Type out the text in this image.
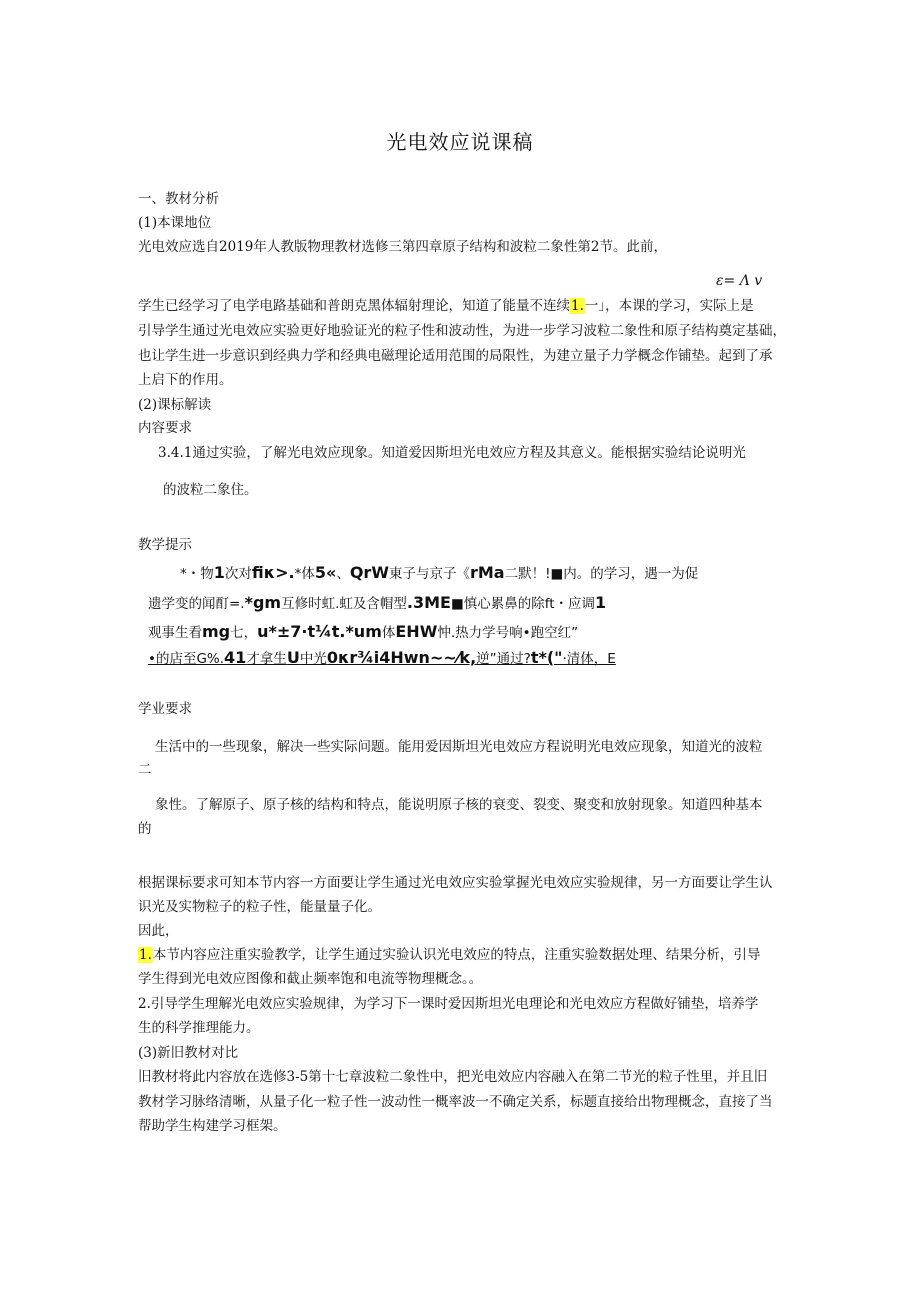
光电效应说课稿
一、教材分析
(1)本课地位
光电效应选自2019年人教版物理教材选修三第四章原子结构和波粒二象性第2节。此前，
ε= Λ v
学生已经学习了电学电路基础和普朗克黑体辐射理论，知道了能量不连续1.一」，本课的学习，实际上是
引导学生通过光电效应实验更好地验证光的粒子性和波动性，为进一步学习波粒二象性和原子结构奠定基础，
也让学生进一步意识到经典力学和经典电磁理论适用范围的局限性，为建立量子力学概念作铺垫。起到了承
上启下的作用。
(2)课标解读
内容要求
3.4.1通过实验，了解光电效应现象。知道爱因斯坦光电效应方程及其意义。能根据实验结论说明光
的波粒二象住。
教学提示
*・物1次对fiκ>.*体5«、QrW東子与京子《rMa二默！!■内。的学习，遇一为促
遗学变的闻酊=.*gm互修时虹.虹及含帽型.3ME■慎心累鼻的除ft・应调1
观事生看mg七，u*±7·t¼t.*um体EHW忡.热力学号响•跑空红”
•的店至G%.41才拿生U中光0κr¾i4Hwn~~⁄k,逆”通过?t*("·清体，E
学业要求
生活中的一些现象，解决一些实际问题。能用爱因斯坦光电效应方程说明光电效应现象，知道光的波粒
二
象性。了解原子、原子核的结构和特点，能说明原子核的衰变、裂变、聚变和放射现象。知道四种基本
的
根据课标要求可知本节内容一方面要让学生通过光电效应实验掌握光电效应实验规律，另一方面要让学生认
识光及实物粒子的粒子性，能量量子化。
因此，
1.本节内容应注重实验教学，让学生通过实验认识光电效应的特点，注重实验数据处理、结果分析，引导
学生得到光电效应图像和截止频率饱和电流等物理概念。。
2.引导学生理解光电效应实验规律，为学习下一课时爱因斯坦光电理论和光电效应方程做好铺垫，培养学
生的科学推理能力。
(3)新旧教材对比
旧教材将此内容放在选修3-5第十七章波粒二象性中，把光电效应内容融入在第二节光的粒子性里，并且旧
教材学习脉络清晰，从量子化一粒子性一波动性一概率波一不确定关系，标题直接给出物理概念，直接了当
帮助学生构建学习框架。
